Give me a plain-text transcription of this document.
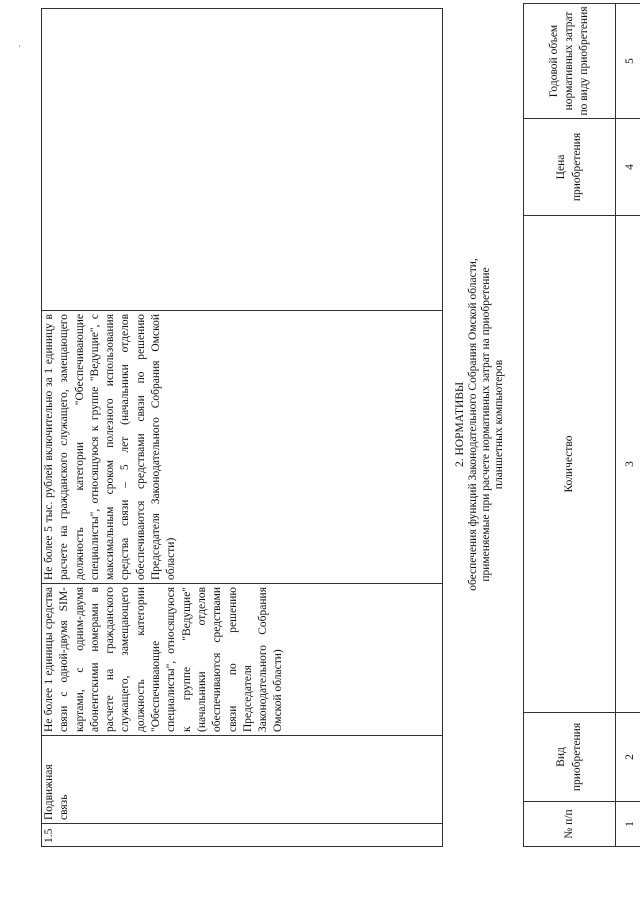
'
1.5	Подвижная связь	Не более 1 единицы средства связи с одной-двумя SIM-картами, с одним-двумя абонентскими номерами в расчете на гражданского служащего, замещающего должность категории "Обеспечивающие специалисты", относящуюся к группе "Ведущие" (начальники отделов обеспечиваются средствами связи по решению Председателя Законодательного Собрания Омской области)	Не более 5 тыс. рублей включительно за 1 единицу в расчете на гражданского служащего, замещающего должность категории "Обеспечивающие специалисты", относящуюся к группе "Ведущие", с максимальным сроком полезного использования средства связи – 5 лет (начальники отделов обеспечиваются средствами связи по решению Председателя Законодательного Собрания Омской области)	
2. НОРМАТИВЫ обеспечения функций Законодательного Собрания Омской области, применяемые при расчете нормативных затрат на приобретение планшетных компьютеров
№ п/п	Вид приобретения	Количество	Цена приобретения	Годовой объем нормативных затрат по виду приобретения
1	2	3	4	5
